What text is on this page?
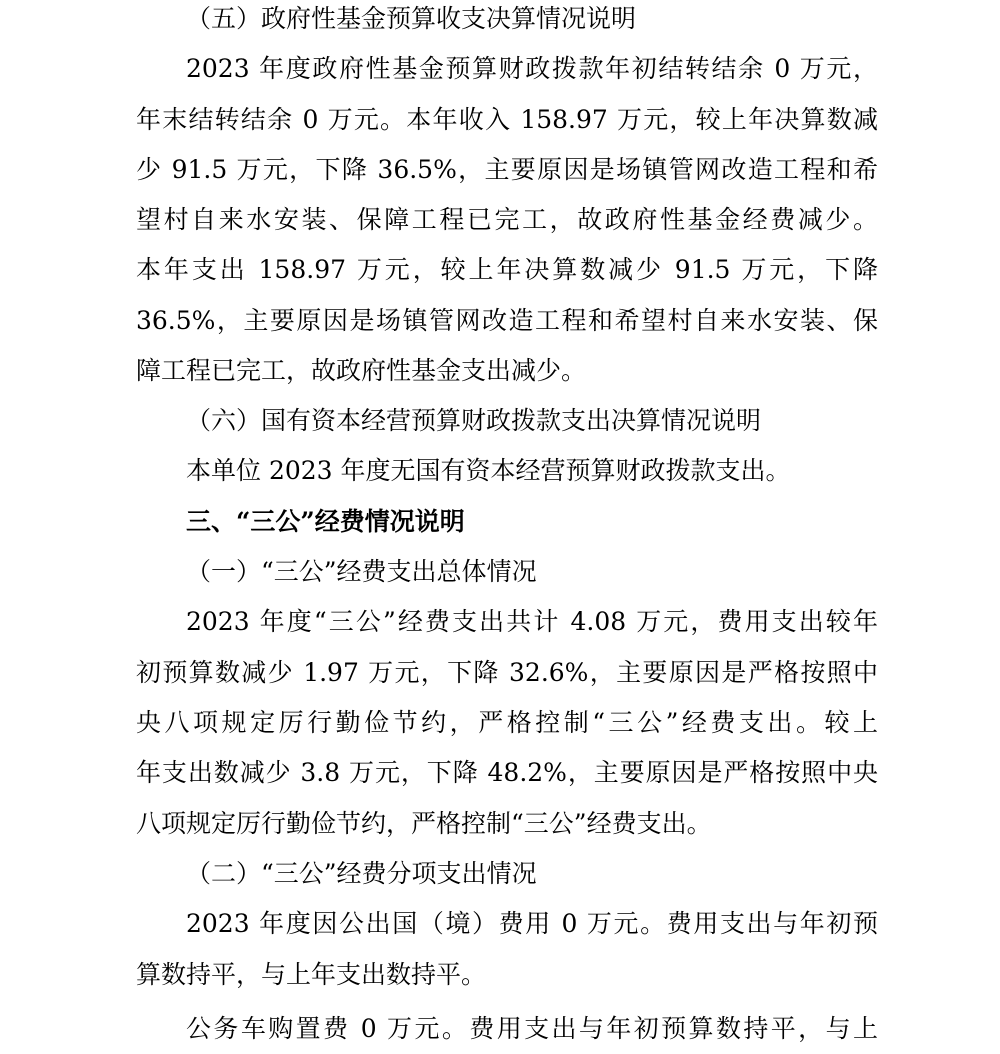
（五）政府性基金预算收支决算情况说明
2023 年度政府性基金预算财政拨款年初结转结余 0 万元，
年末结转结余 0 万元。本年收入 158.97 万元，较上年决算数减
少 91.5 万元，下降 36.5%，主要原因是场镇管网改造工程和希
望村自来水安装、保障工程已完工，故政府性基金经费减少。
本年支出 158.97 万元，较上年决算数减少 91.5 万元，下降
36.5%，主要原因是场镇管网改造工程和希望村自来水安装、保
障工程已完工，故政府性基金支出减少。
（六）国有资本经营预算财政拨款支出决算情况说明
本单位 2023 年度无国有资本经营预算财政拨款支出。
三、“三公”经费情况说明
（一）“三公”经费支出总体情况
2023 年度“三公”经费支出共计 4.08 万元，费用支出较年
初预算数减少 1.97 万元，下降 32.6%，主要原因是严格按照中
央八项规定厉行勤俭节约，严格控制“三公”经费支出。较上
年支出数减少 3.8 万元，下降 48.2%，主要原因是严格按照中央
八项规定厉行勤俭节约，严格控制“三公”经费支出。
（二）“三公”经费分项支出情况
2023 年度因公出国（境）费用 0 万元。费用支出与年初预
算数持平，与上年支出数持平。
公务车购置费 0 万元。费用支出与年初预算数持平，与上
